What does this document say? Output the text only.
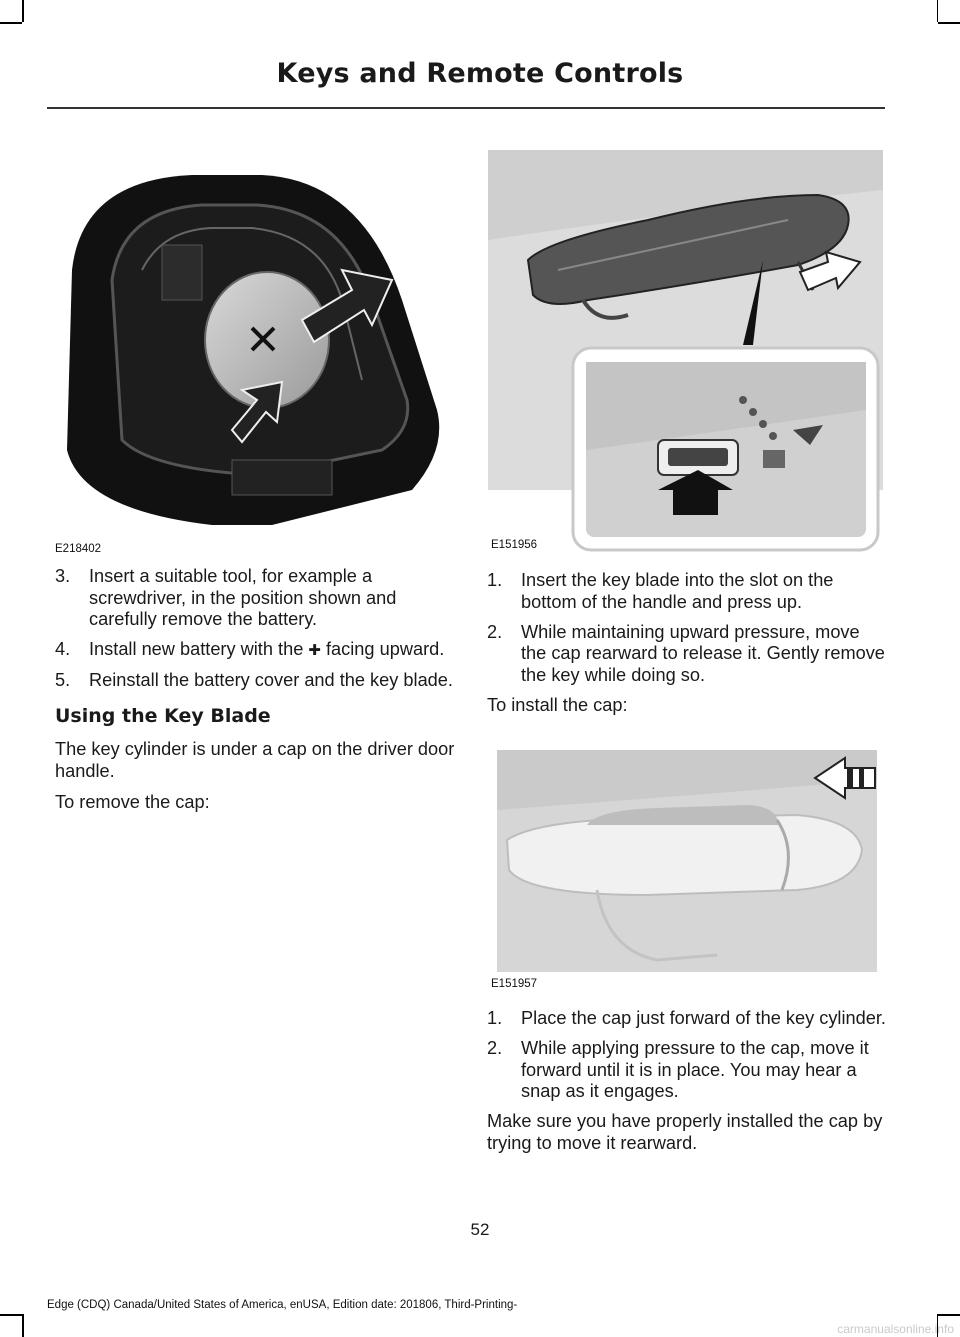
Keys and Remote Controls
E218402	E151956
E151957
3. Insert a suitable tool, for example a screwdriver, in the position shown and carefully remove the battery.
4. Install new battery with the ✚ facing upward.
5. Reinstall the battery cover and the key blade.
Using the Key Blade

The key cylinder is under a cap on the driver door handle.

To remove the cap:

1. Insert the key blade into the slot on the bottom of the handle and press up.
2. While maintaining upward pressure, move the cap rearward to release it. Gently remove the key while doing so.

To install the cap:

1. Place the cap just forward of the key cylinder.
2. While applying pressure to the cap, move it forward until it is in place. You may hear a snap as it engages.

Make sure you have properly installed the cap by trying to move it rearward.

52
Edge (CDQ) Canada/United States of America, enUSA, Edition date: 201806, Third-Printing-
carmanualsonline.info
